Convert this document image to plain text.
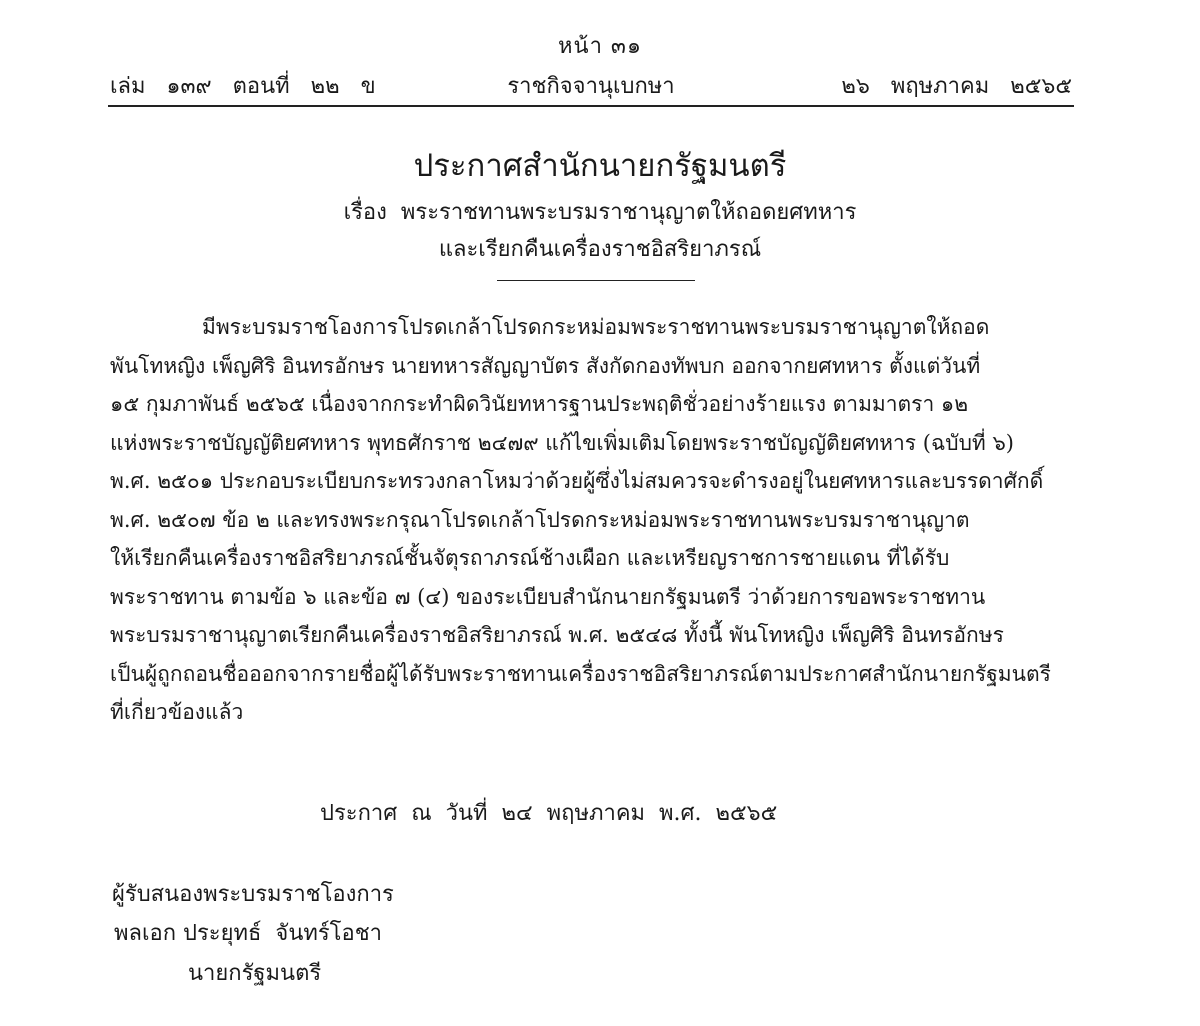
หน้า ๓๑
เล่ม   ๑๓๙   ตอนที่   ๒๒   ข	ราชกิจจานุเบกษา	๒๖   พฤษภาคม   ๒๕๖๕
ประกาศสำนักนายกรัฐมนตรี
เรื่อง  พระราชทานพระบรมราชานุญาตให้ถอดยศทหาร
และเรียกคืนเครื่องราชอิสริยาภรณ์
มีพระบรมราชโองการโปรดเกล้าโปรดกระหม่อมพระราชทานพระบรมราชานุญาตให้ถอด
พันโทหญิง เพ็ญศิริ อินทรอักษร นายทหารสัญญาบัตร สังกัดกองทัพบก ออกจากยศทหาร ตั้งแต่วันที่
๑๕ กุมภาพันธ์ ๒๕๖๕ เนื่องจากกระทำผิดวินัยทหารฐานประพฤติชั่วอย่างร้ายแรง ตามมาตรา ๑๒
แห่งพระราชบัญญัติยศทหาร พุทธศักราช ๒๔๗๙ แก้ไขเพิ่มเติมโดยพระราชบัญญัติยศทหาร (ฉบับที่ ๖)
พ.ศ. ๒๕๐๑ ประกอบระเบียบกระทรวงกลาโหมว่าด้วยผู้ซึ่งไม่สมควรจะดำรงอยู่ในยศทหารและบรรดาศักดิ์
พ.ศ. ๒๕๐๗ ข้อ ๒ และทรงพระกรุณาโปรดเกล้าโปรดกระหม่อมพระราชทานพระบรมราชานุญาต
ให้เรียกคืนเครื่องราชอิสริยาภรณ์ชั้นจัตุรถาภรณ์ช้างเผือก และเหรียญราชการชายแดน ที่ได้รับ
พระราชทาน ตามข้อ ๖ และข้อ ๗ (๔) ของระเบียบสำนักนายกรัฐมนตรี ว่าด้วยการขอพระราชทาน
พระบรมราชานุญาตเรียกคืนเครื่องราชอิสริยาภรณ์ พ.ศ. ๒๕๔๘ ทั้งนี้ พันโทหญิง เพ็ญศิริ อินทรอักษร
เป็นผู้ถูกถอนชื่อออกจากรายชื่อผู้ได้รับพระราชทานเครื่องราชอิสริยาภรณ์ตามประกาศสำนักนายกรัฐมนตรี
ที่เกี่ยวข้องแล้ว
ประกาศ  ณ  วันที่  ๒๔  พฤษภาคม  พ.ศ.  ๒๕๖๕
ผู้รับสนองพระบรมราชโองการ
พลเอก ประยุทธ์  จันทร์โอชา
นายกรัฐมนตรี
